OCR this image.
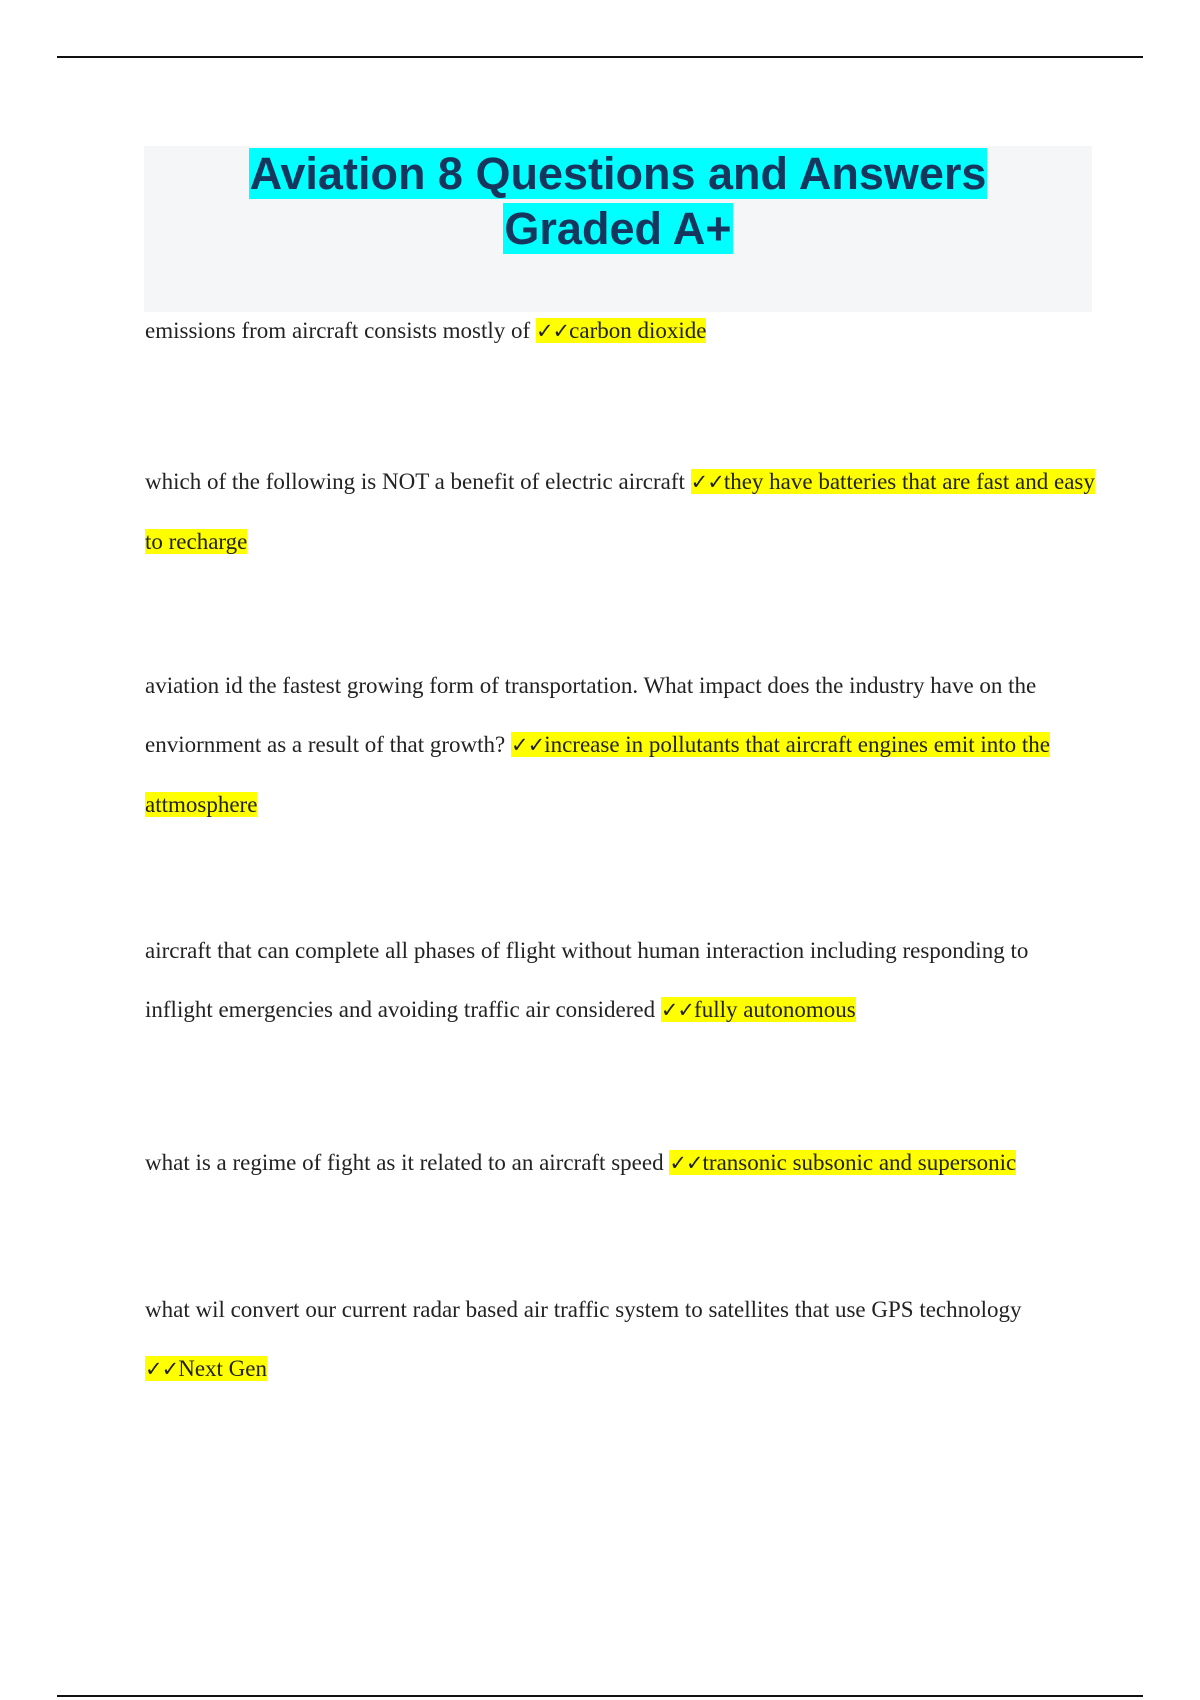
Aviation 8 Questions and Answers
Graded A+

emissions from aircraft consists mostly of ✓✓carbon dioxide

which of the following is NOT a benefit of electric aircraft ✓✓they have batteries that are fast and easy to recharge

aviation id the fastest growing form of transportation. What impact does the industry have on the enviornment as a result of that growth? ✓✓increase in pollutants that aircraft engines emit into the attmosphere

aircraft that can complete all phases of flight without human interaction including responding to inflight emergencies and avoiding traffic air considered ✓✓fully autonomous

what is a regime of fight as it related to an aircraft speed ✓✓transonic subsonic and supersonic

what wil convert our current radar based air traffic system to satellites that use GPS technology ✓✓Next Gen
